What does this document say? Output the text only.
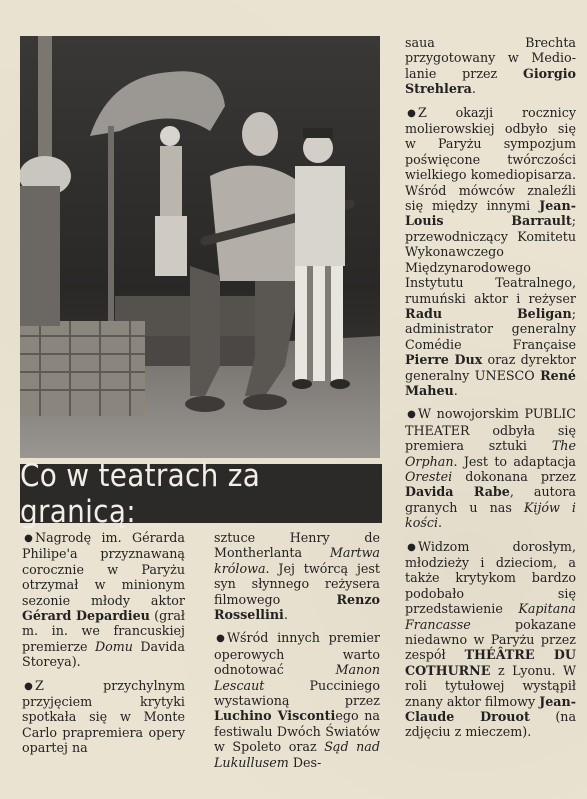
Co w teatrach za granicą:

● Nagrodę im. Gérarda Philipe'a przyznawaną corocznie w Paryżu otrzymał w minionym sezonie młody aktor Gérard Depardieu (grał m. in. we francuskiej premierze Domu Davida Storeya).

● Z przychylnym przyjęciem krytyki spotkała się w Monte Carlo prapremiera opery opartej na

sztuce Henry de Montherlanta Martwa królowa. Jej twórcą jest syn słynnego reżysera filmowego Renzo Rossellini.

● Wśród innych premier operowych warto odnotować Manon Lescaut Pucciniego wystawioną przez Luchino Viscontiego na festiwalu Dwóch Światów w Spoleto oraz Sąd nad Lukullusem Des-

saua Brechta przygotowany w Mediolanie przez Giorgio Strehlera.

● Z okazji rocznicy molierowskiej odbyło się w Paryżu sympozjum poświęcone twórczości wielkiego komediopisarza. Wśród mówców znaleźli się między innymi Jean-Louis Barrault; przewodniczący Komitetu Wykonawczego Międzynarodowego Instytutu Teatralnego, rumuński aktor i reżyser Radu Beligan; administrator generalny Comédie Française Pierre Dux oraz dyrektor generalny UNESCO René Maheu.

● W nowojorskim PUBLIC THEATER odbyła się premiera sztuki The Orphan. Jest to adaptacja Orestei dokonana przez Davida Rabe, autora granych u nas Kijów i kości.

● Widzom dorosłym, młodzieży i dzieciom, a także krytykom bardzo podobało się przedstawienie Kapitana Francasse pokazane niedawno w Paryżu przez zespół THÉÂTRE DU COTHURNE z Lyonu. W roli tytułowej wystąpił znany aktor filmowy Jean-Claude Drouot (na zdjęciu z mieczem).
